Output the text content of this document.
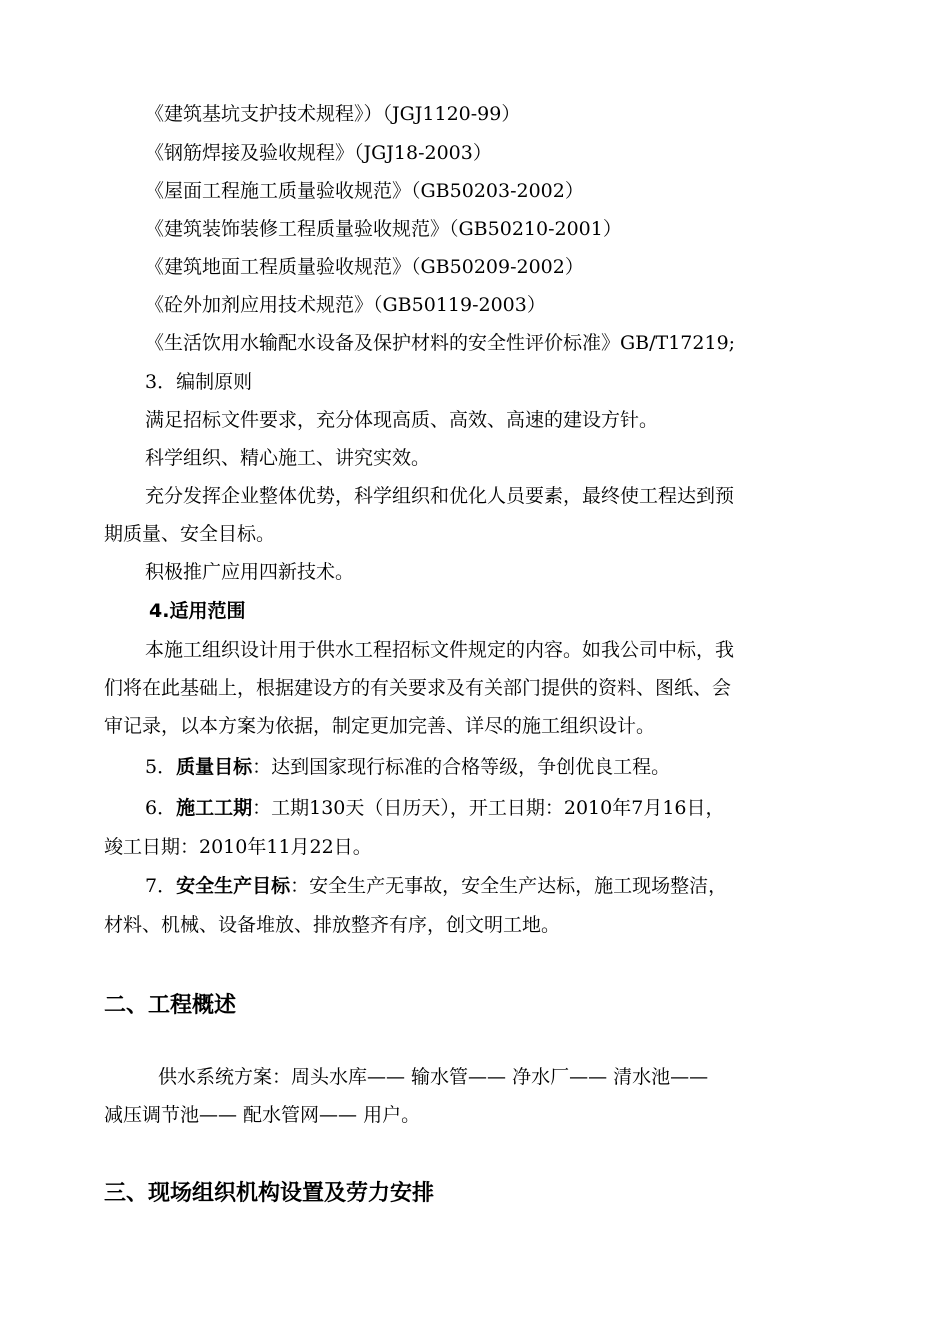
《建筑基坑支护技术规程》）（JGJ1120-99）
《钢筋焊接及验收规程》（JGJ18-2003）
《屋面工程施工质量验收规范》（GB50203-2002）
《建筑装饰装修工程质量验收规范》（GB50210-2001）
《建筑地面工程质量验收规范》（GB50209-2002）
《砼外加剂应用技术规范》（GB50119-2003）
《生活饮用水输配水设备及保护材料的安全性评价标准》GB/T17219;
3．编制原则
满足招标文件要求，充分体现高质、高效、高速的建设方针。
科学组织、精心施工、讲究实效。
充分发挥企业整体优势，科学组织和优化人员要素，最终使工程达到预
期质量、安全目标。
积极推广应用四新技术。
4.适用范围
本施工组织设计用于供水工程招标文件规定的内容。如我公司中标，我
们将在此基础上，根据建设方的有关要求及有关部门提供的资料、图纸、会
审记录，以本方案为依据，制定更加完善、详尽的施工组织设计。
5．质量目标：达到国家现行标准的合格等级，争创优良工程。
6．施工工期：工期130天（日历天），开工日期：2010年7月16日，
竣工日期：2010年11月22日。
7．安全生产目标：安全生产无事故，安全生产达标，施工现场整洁，
材料、机械、设备堆放、排放整齐有序，创文明工地。
二、工程概述
供水系统方案：周头水库—— 输水管—— 净水厂—— 清水池——
减压调节池—— 配水管网—— 用户。
三、现场组织机构设置及劳力安排
